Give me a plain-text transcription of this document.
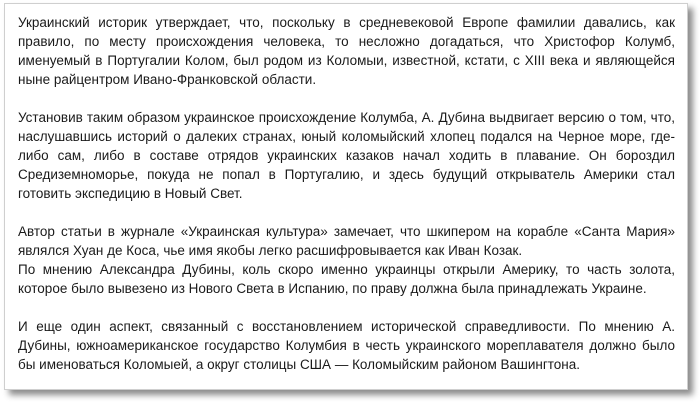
Украинский историк утверждает, что, поскольку в средневековой Европе фамилии давались, как правило, по месту происхождения человека, то несложно догадаться, что Христофор Колумб, именуемый в Португалии Колом, был родом из Коломыи, известной, кстати, с XIII века и являющейся ныне райцентром Ивано-Франковской области.

Установив таким образом украинское происхождение Колумба, А. Дубина выдвигает версию о том, что, наслушавшись историй о далеких странах, юный коломыйский хлопец подался на Черное море, где-либо сам, либо в составе отрядов украинских казаков начал ходить в плавание. Он бороздил Средиземноморье, покуда не попал в Португалию, и здесь будущий открыватель Америки стал готовить экспедицию в Новый Свет.

Автор статьи в журнале «Украинская культура» замечает, что шкипером на корабле «Санта Мария» являлся Хуан де Коса, чье имя якобы легко расшифровывается как Иван Козак.

По мнению Александра Дубины, коль скоро именно украинцы открыли Америку, то часть золота, которое было вывезено из Нового Света в Испанию, по праву должна была принадлежать Украине.

И еще один аспект, связанный с восстановлением исторической справедливости. По мнению А. Дубины, южноамериканское государство Колумбия в честь украинского мореплавателя должно было бы именоваться Коломыей, а округ столицы США — Коломыйским районом Вашингтона.
